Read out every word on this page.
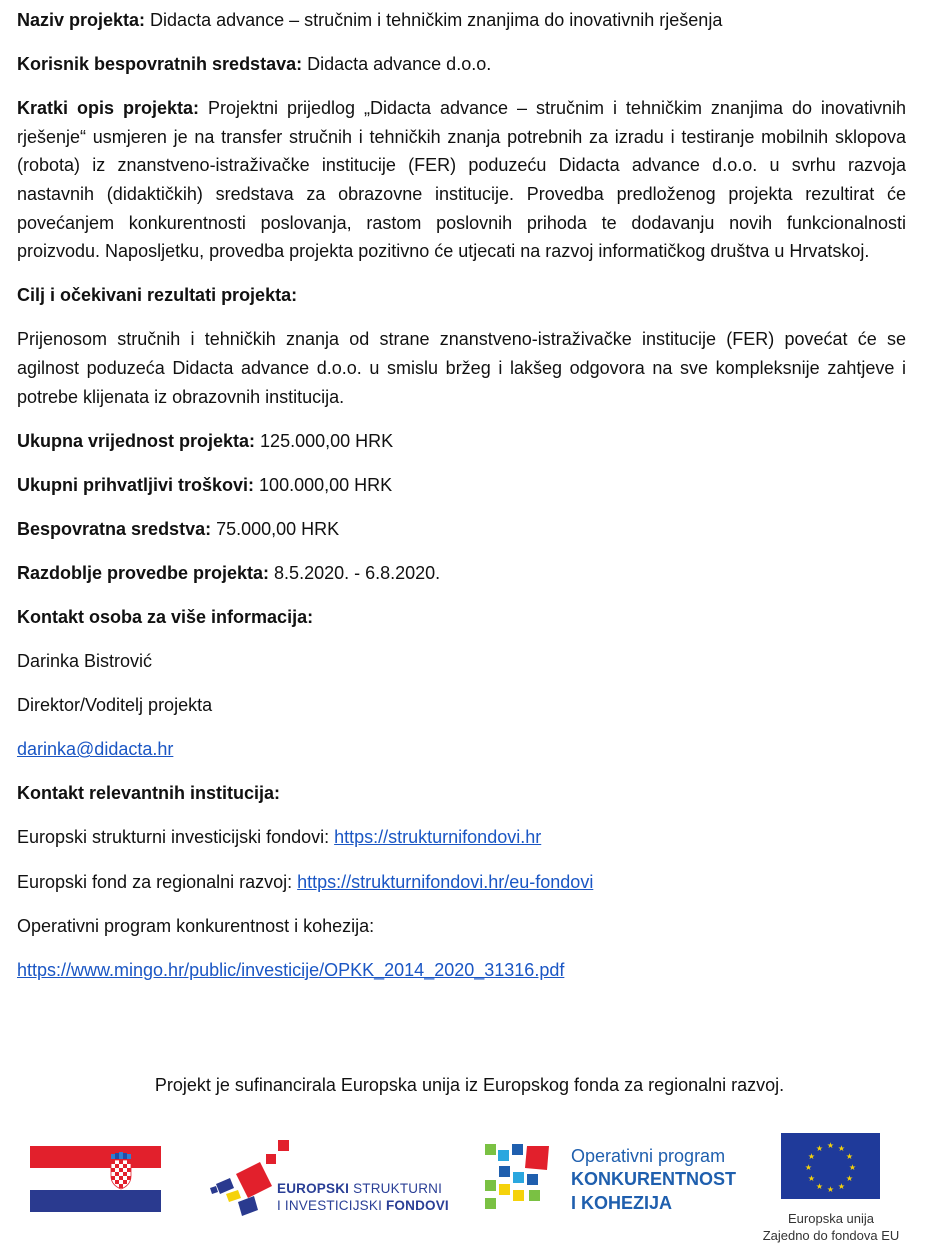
Naziv projekta: Didacta advance – stručnim i tehničkim znanjima do inovativnih rješenja

Korisnik bespovratnih sredstava: Didacta advance d.o.o.

Kratki opis projekta: Projektni prijedlog „Didacta advance – stručnim i tehničkim znanjima do inovativnih rješenje“ usmjeren je na transfer stručnih i tehničkih znanja potrebnih za izradu i testiranje mobilnih sklopova (robota) iz znanstveno-istraživačke institucije (FER) poduzeću Didacta advance d.o.o. u svrhu razvoja nastavnih (didaktičkih) sredstava za obrazovne institucije. Provedba predloženog projekta rezultirat će povećanjem konkurentnosti poslovanja, rastom poslovnih prihoda te dodavanju novih funkcionalnosti proizvodu. Naposljetku, provedba projekta pozitivno će utjecati na razvoj informatičkog društva u Hrvatskoj.

Cilj i očekivani rezultati projekta:

Prijenosom stručnih i tehničkih znanja od strane znanstveno-istraživačke institucije (FER) povećat će se agilnost poduzeća Didacta advance d.o.o. u smislu bržeg i lakšeg odgovora na sve kompleksnije zahtjeve i potrebe klijenata iz obrazovnih institucija.

Ukupna vrijednost projekta: 125.000,00 HRK

Ukupni prihvatljivi troškovi: 100.000,00 HRK

Bespovratna sredstva: 75.000,00 HRK

Razdoblje provedbe projekta: 8.5.2020. - 6.8.2020.

Kontakt osoba za više informacija:

Darinka Bistrović

Direktor/Voditelj projekta

darinka@didacta.hr

Kontakt relevantnih institucija:

Europski strukturni investicijski fondovi: https://strukturnifondovi.hr

Europski fond za regionalni razvoj: https://strukturnifondovi.hr/eu-fondovi

Operativni program konkurentnost i kohezija:

https://www.mingo.hr/public/investicije/OPKK_2014_2020_31316.pdf

Projekt je sufinancirala Europska unija iz Europskog fonda za regionalni razvoj.
EUROPSKI STRUKTURNI
I INVESTICIJSKI FONDOVI
Operativni program
KONKURENTNOST
I KOHEZIJA
★ ★
★
★
★
★
★
★
★
★
★
★
Europska unija
Zajedno do fondova EU
